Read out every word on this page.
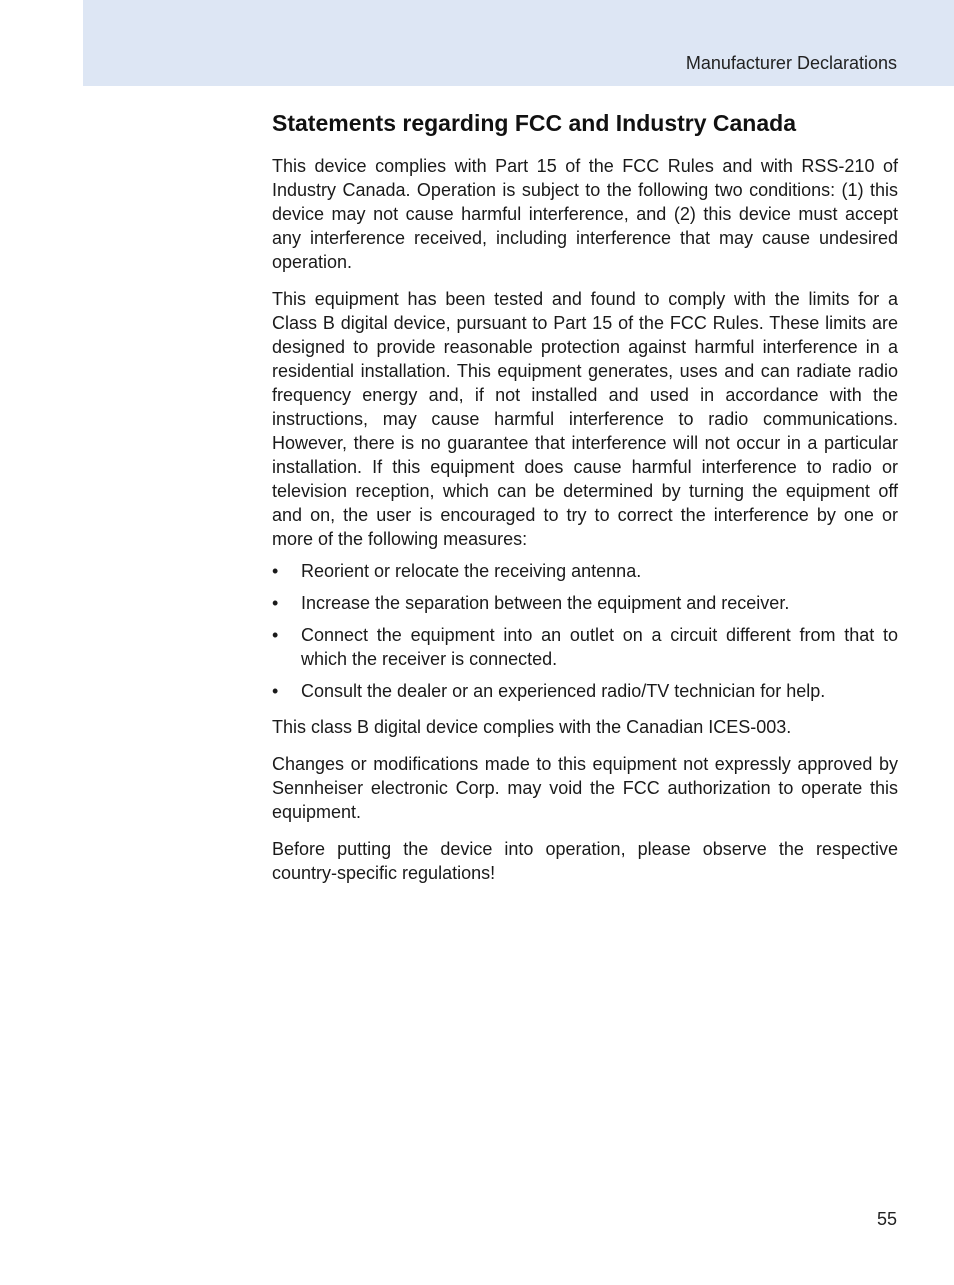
Manufacturer Declarations
Statements regarding FCC and Industry Canada

This device complies with Part 15 of the FCC Rules and with RSS-210 of Industry Canada. Operation is subject to the following two conditions: (1) this device may not cause harmful interference, and (2) this device must accept any interference received, including interference that may cause undesired operation.

This equipment has been tested and found to comply with the limits for a Class B digital device, pursuant to Part 15 of the FCC Rules. These limits are designed to provide reasonable protection against harmful interference in a residential installation. This equipment generates, uses and can radiate radio frequency energy and, if not installed and used in accordance with the instructions, may cause harmful interference to radio communications. However, there is no guarantee that interference will not occur in a particular installation. If this equipment does cause harmful interference to radio or television reception, which can be determined by turning the equipment off and on, the user is encouraged to try to correct the interference by one or more of the following measures:

• Reorient or relocate the receiving antenna.
• Increase the separation between the equipment and receiver.
• Connect the equipment into an outlet on a circuit different from that to which the receiver is connected.
• Consult the dealer or an experienced radio/TV technician for help.

This class B digital device complies with the Canadian ICES-003.

Changes or modifications made to this equipment not expressly approved by Sennheiser electronic Corp. may void the FCC authorization to operate this equipment.

Before putting the device into operation, please observe the respective country-specific regulations!

55
